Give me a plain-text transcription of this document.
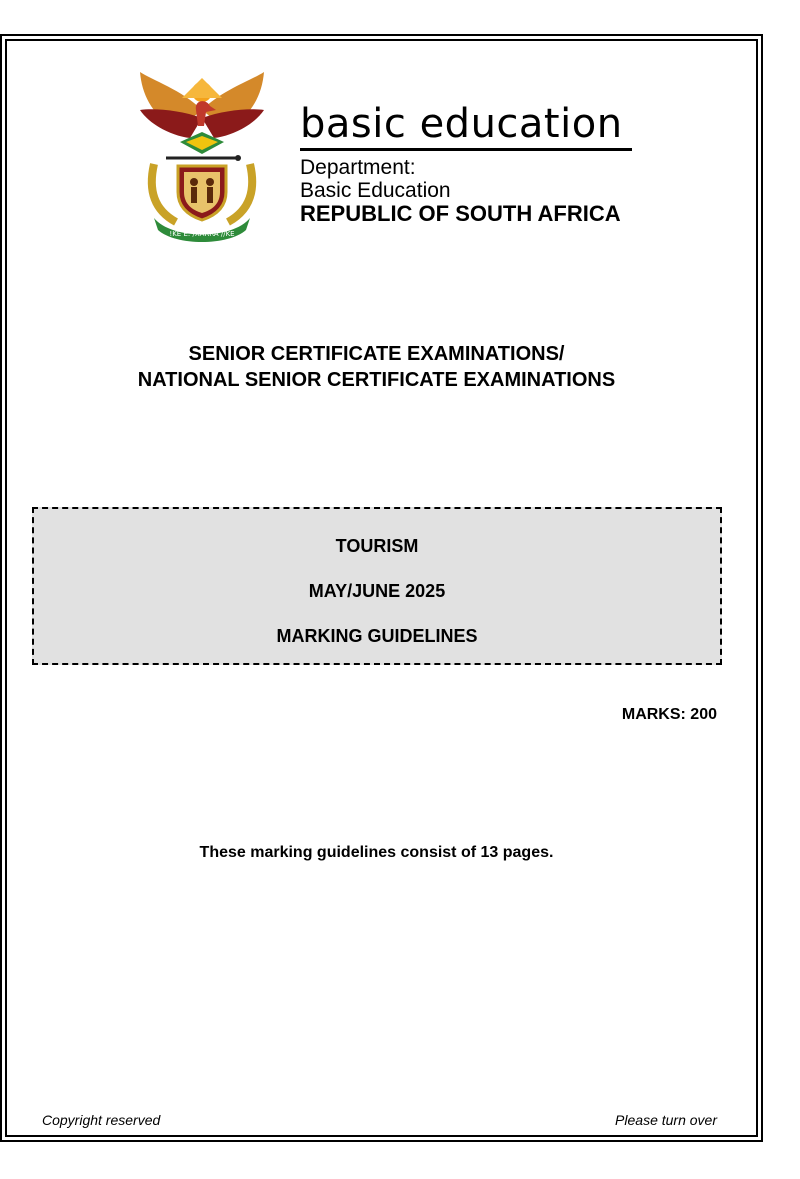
!KE E: /XARRA //KE
basic education
Department:
Basic Education
REPUBLIC OF SOUTH AFRICA
SENIOR CERTIFICATE EXAMINATIONS/
NATIONAL SENIOR CERTIFICATE EXAMINATIONS
TOURISM
MAY/JUNE 2025
MARKING GUIDELINES
MARKS: 200
These marking guidelines consist of 13 pages.
Copyright reserved	Please turn over
